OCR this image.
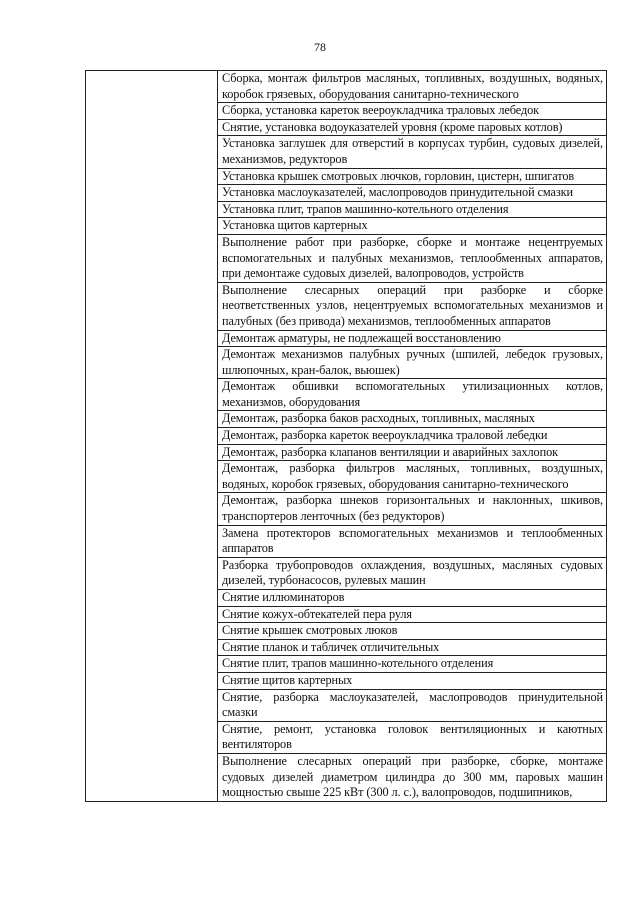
78
	Сборка, монтаж фильтров масляных, топливных, воздушных, водяных, коробок грязевых, оборудования санитарно-технического
Сборка, установка кареток веероукладчика траловых лебедок
Снятие, установка водоуказателей уровня (кроме паровых котлов)
Установка заглушек для отверстий в корпусах турбин, судовых дизелей, механизмов, редукторов
Установка крышек смотровых лючков, горловин, цистерн, шпигатов
Установка маслоуказателей, маслопроводов принудительной смазки
Установка плит, трапов машинно-котельного отделения
Установка щитов картерных
Выполнение работ при разборке, сборке и монтаже нецентруемых вспомогательных и палубных механизмов, теплообменных аппаратов, при демонтаже судовых дизелей, валопроводов, устройств
Выполнение слесарных операций при разборке и сборке неответственных узлов, нецентруемых вспомогательных механизмов и палубных (без привода) механизмов, теплообменных аппаратов
Демонтаж арматуры, не подлежащей восстановлению
Демонтаж механизмов палубных ручных (шпилей, лебедок грузовых, шлюпочных, кран-балок, вьюшек)
Демонтаж обшивки вспомогательных утилизационных котлов, механизмов, оборудования
Демонтаж, разборка баков расходных, топливных, масляных
Демонтаж, разборка кареток веероукладчика траловой лебедки
Демонтаж, разборка клапанов вентиляции и аварийных захлопок
Демонтаж, разборка фильтров масляных, топливных, воздушных, водяных, коробок грязевых, оборудования санитарно-технического
Демонтаж, разборка шнеков горизонтальных и наклонных, шкивов, транспортеров ленточных (без редукторов)
Замена протекторов вспомогательных механизмов и теплообменных аппаратов
Разборка трубопроводов охлаждения, воздушных, масляных судовых дизелей, турбонасосов, рулевых машин
Снятие иллюминаторов
Снятие кожух-обтекателей пера руля
Снятие крышек смотровых люков
Снятие планок и табличек отличительных
Снятие плит, трапов машинно-котельного отделения
Снятие щитов картерных
Снятие, разборка маслоуказателей, маслопроводов принудительной смазки
Снятие, ремонт, установка головок вентиляционных и каютных вентиляторов
Выполнение слесарных операций при разборке, сборке, монтаже судовых дизелей диаметром цилиндра до 300 мм, паровых машин мощностью свыше 225 кВт (300 л. с.), валопроводов, подшипников,
